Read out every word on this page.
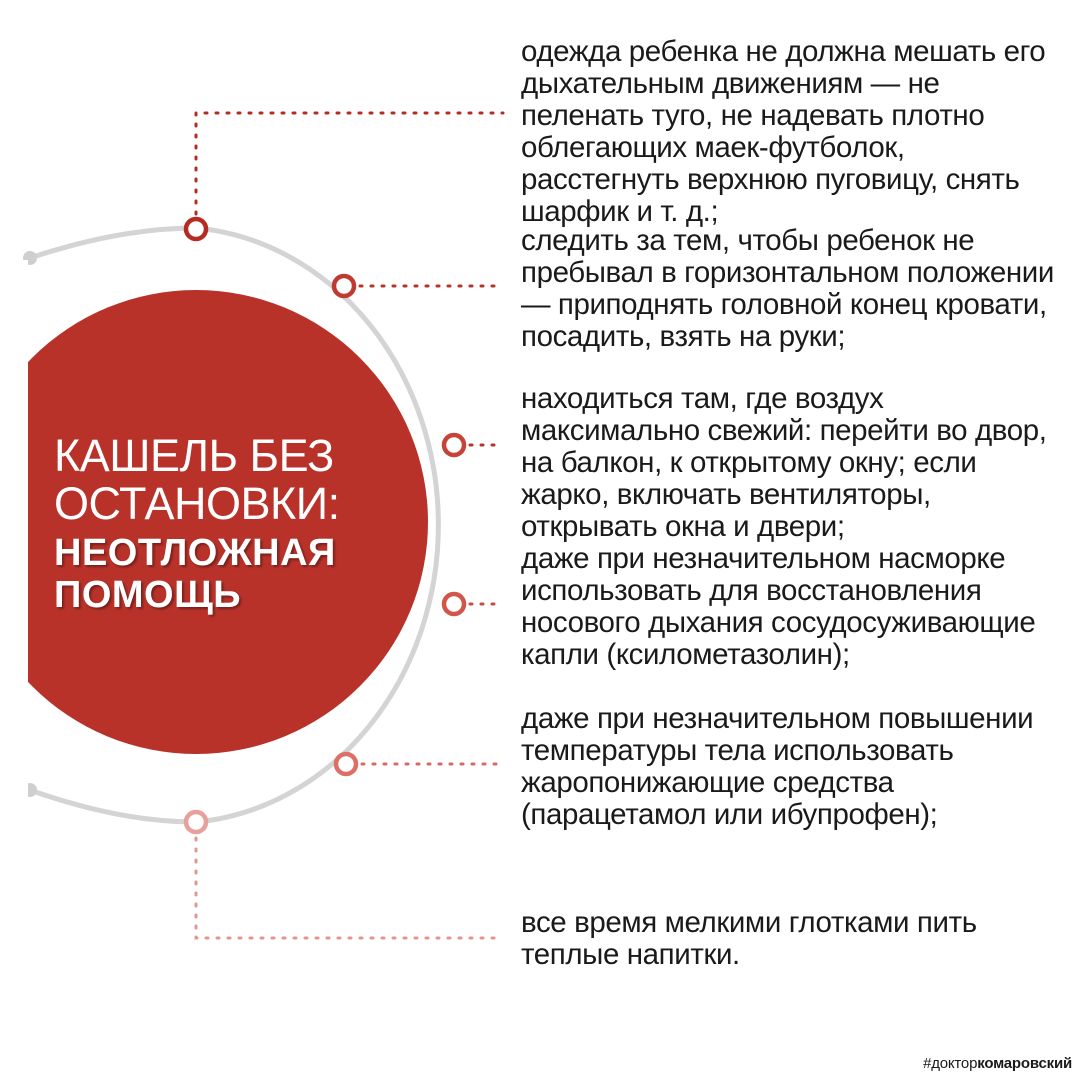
КАШЕЛЬ БЕЗ
ОСТАНОВКИ:
НЕОТЛОЖНАЯ
ПОМОЩЬ
одежда ребенка не должна мешать его дыхательным движениям — не пеленать туго, не надевать плотно облегающих маек-футболок, расстегнуть верхнюю пуговицу, снять шарфик и т. д.;
следить за тем, чтобы ребенок не пребывал в горизонтальном положении — приподнять головной конец кровати, посадить, взять на руки;
находиться там, где воздух максимально свежий: перейти во двор, на балкон, к открытому окну; если жарко, включать вентиляторы, открывать окна и двери;
даже при незначительном насморке использовать для восстановления носового дыхания сосудосуживающие капли (ксилометазолин);
даже при незначительном повышении температуры тела использовать жаропонижающие средства (парацетамол или ибупрофен);
все время мелкими глотками пить теплые напитки.
#докторкомаровский
